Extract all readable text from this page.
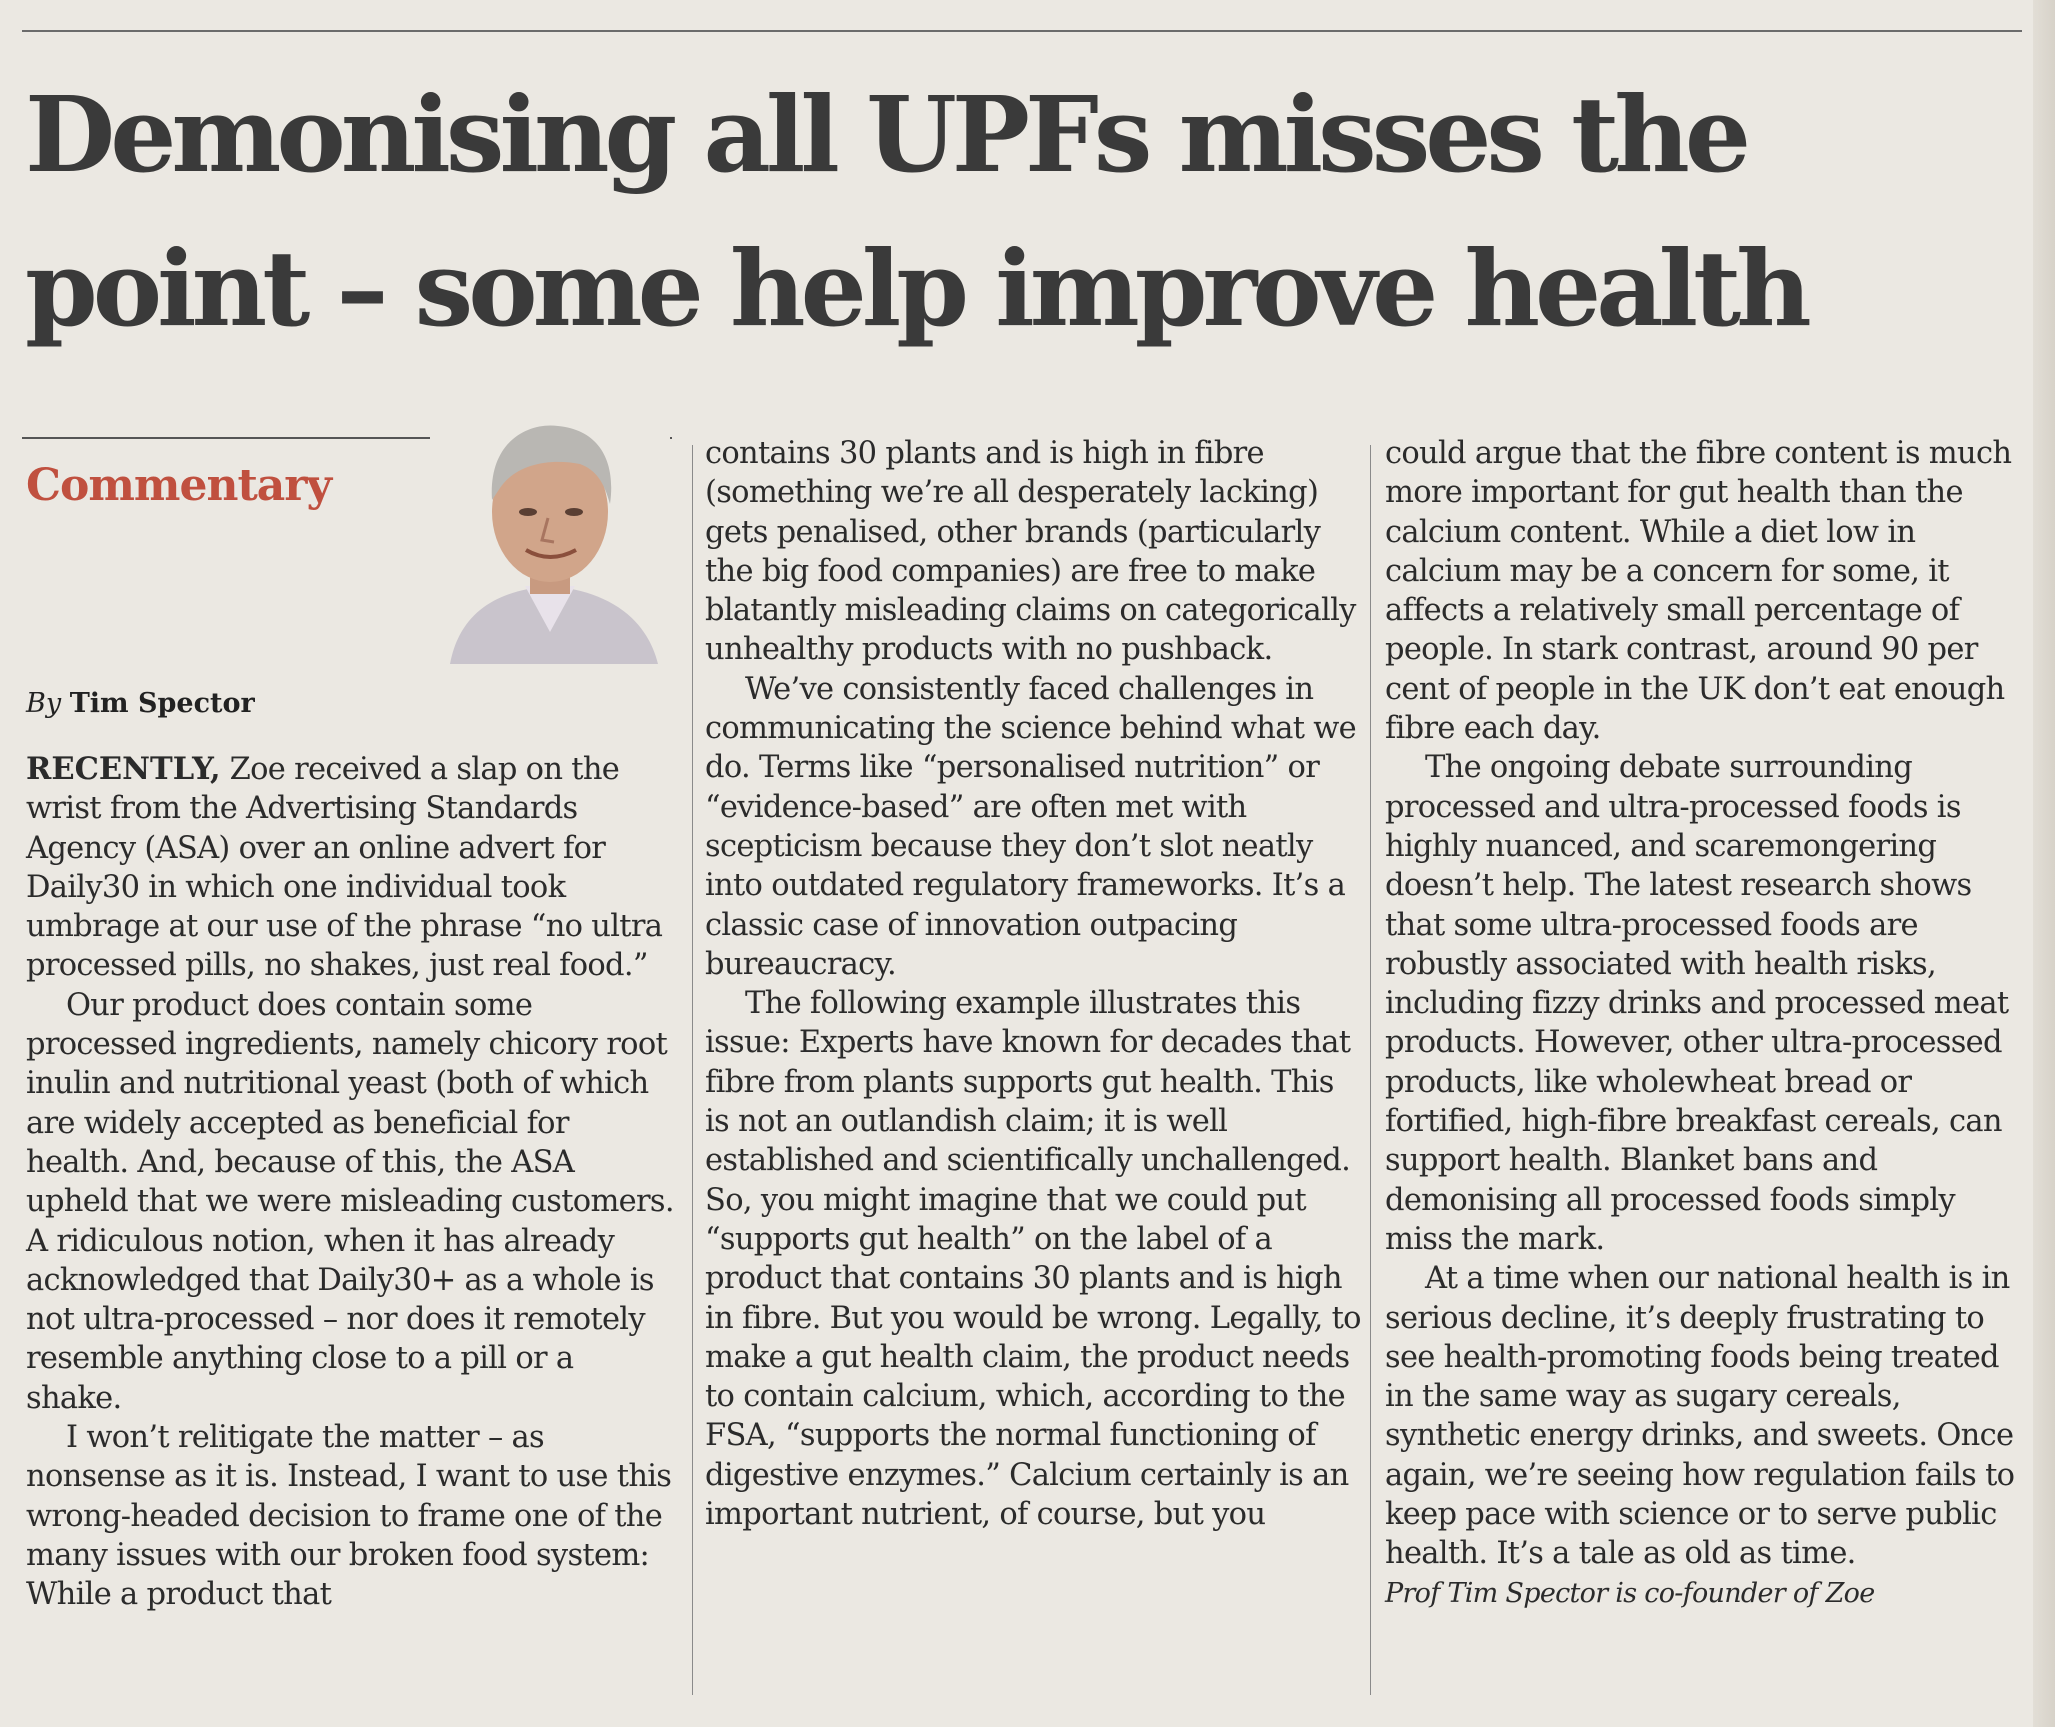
Demonising all UPFs misses the
point – some help improve health
Commentary
By Tim Spector

RECENTLY, Zoe received a slap on the wrist from the Advertising Standards Agency (ASA) over an online advert for Daily30 in which one individual took umbrage at our use of the phrase “no ultra processed pills, no shakes, just real food.”

Our product does contain some processed ingredients, namely chicory root inulin and nutritional yeast (both of which are widely accepted as beneficial for health. And, because of this, the ASA upheld that we were misleading customers. A ridiculous notion, when it has already acknowledged that Daily30+ as a whole is not ultra-processed – nor does it remotely resemble anything close to a pill or a shake.

I won’t relitigate the matter – as nonsense as it is. Instead, I want to use this wrong-headed decision to frame one of the many issues with our broken food system: While a product that

contains 30 plants and is high in fibre (something we’re all desperately lacking) gets penalised, other brands (particularly the big food companies) are free to make blatantly misleading claims on categorically unhealthy products with no pushback.

We’ve consistently faced challenges in communicating the science behind what we do. Terms like “personalised nutrition” or “evidence-based” are often met with scepticism because they don’t slot neatly into outdated regulatory frameworks. It’s a classic case of innovation outpacing bureaucracy.

The following example illustrates this issue: Experts have known for decades that fibre from plants supports gut health. This is not an outlandish claim; it is well established and scientifically unchallenged. So, you might imagine that we could put “supports gut health” on the label of a product that contains 30 plants and is high in fibre. But you would be wrong. Legally, to make a gut health claim, the product needs to contain calcium, which, according to the FSA, “supports the normal functioning of digestive enzymes.” Calcium certainly is an important nutrient, of course, but you

could argue that the fibre content is much more important for gut health than the calcium content. While a diet low in calcium may be a concern for some, it affects a relatively small percentage of people. In stark contrast, around 90 per cent of people in the UK don’t eat enough fibre each day.

The ongoing debate surrounding processed and ultra-processed foods is highly nuanced, and scaremongering doesn’t help. The latest research shows that some ultra-processed foods are robustly associated with health risks, including fizzy drinks and processed meat products. However, other ultra-processed products, like wholewheat bread or fortified, high-fibre breakfast cereals, can support health. Blanket bans and demonising all processed foods simply miss the mark.

At a time when our national health is in serious decline, it’s deeply frustrating to see health-promoting foods being treated in the same way as sugary cereals, synthetic energy drinks, and sweets. Once again, we’re seeing how regulation fails to keep pace with science or to serve public health. It’s a tale as old as time.

Prof Tim Spector is co-founder of Zoe
